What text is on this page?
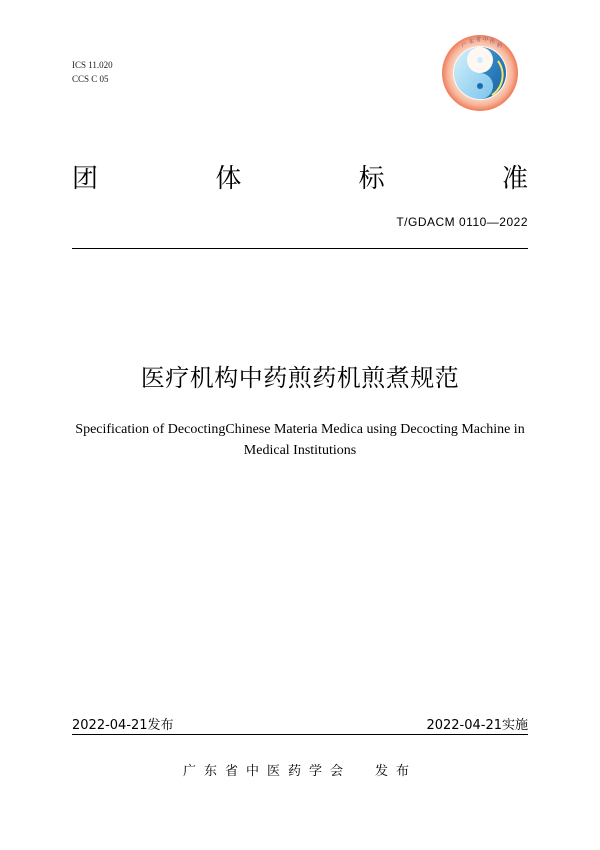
ICS 11.020
CCS C 05
广
东 省 中 医
药
团	体	标	准
T/GDACM 0110—2022
医疗机构中药煎药机煎煮规范
Specification of DecoctingChinese Materia Medica using Decocting Machine in
Medical Institutions
2022-04-21发布	2022-04-21实施
广东省中医药学会 发布
